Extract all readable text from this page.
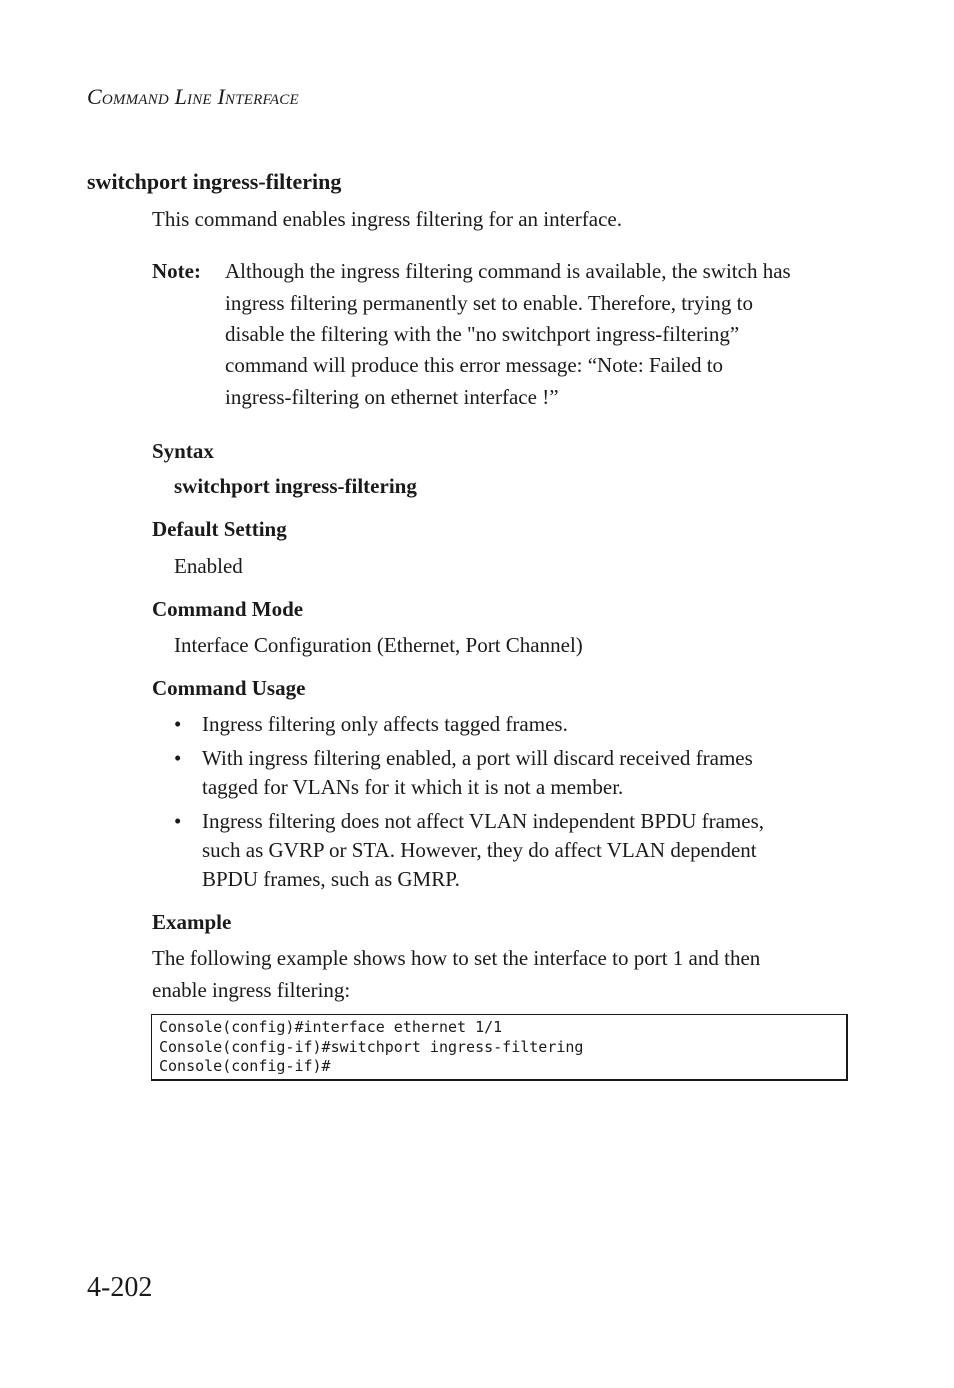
Command Line Interface
switchport ingress-filtering
This command enables ingress filtering for an interface.
Note: Although the ingress filtering command is available, the switch has
ingress filtering permanently set to enable. Therefore, trying to
disable the filtering with the "no switchport ingress-filtering”
command will produce this error message: “Note: Failed to
ingress-filtering on ethernet interface !”
Syntax
switchport ingress-filtering
Default Setting
Enabled
Command Mode
Interface Configuration (Ethernet, Port Channel)
Command Usage
• Ingress filtering only affects tagged frames.
• With ingress filtering enabled, a port will discard received frames
tagged for VLANs for it which it is not a member.
• Ingress filtering does not affect VLAN independent BPDU frames,
such as GVRP or STA. However, they do affect VLAN dependent
BPDU frames, such as GMRP.
Example
The following example shows how to set the interface to port 1 and then
enable ingress filtering:
Console(config)#interface ethernet 1/1
Console(config-if)#switchport ingress-filtering
Console(config-if)#
4-202
